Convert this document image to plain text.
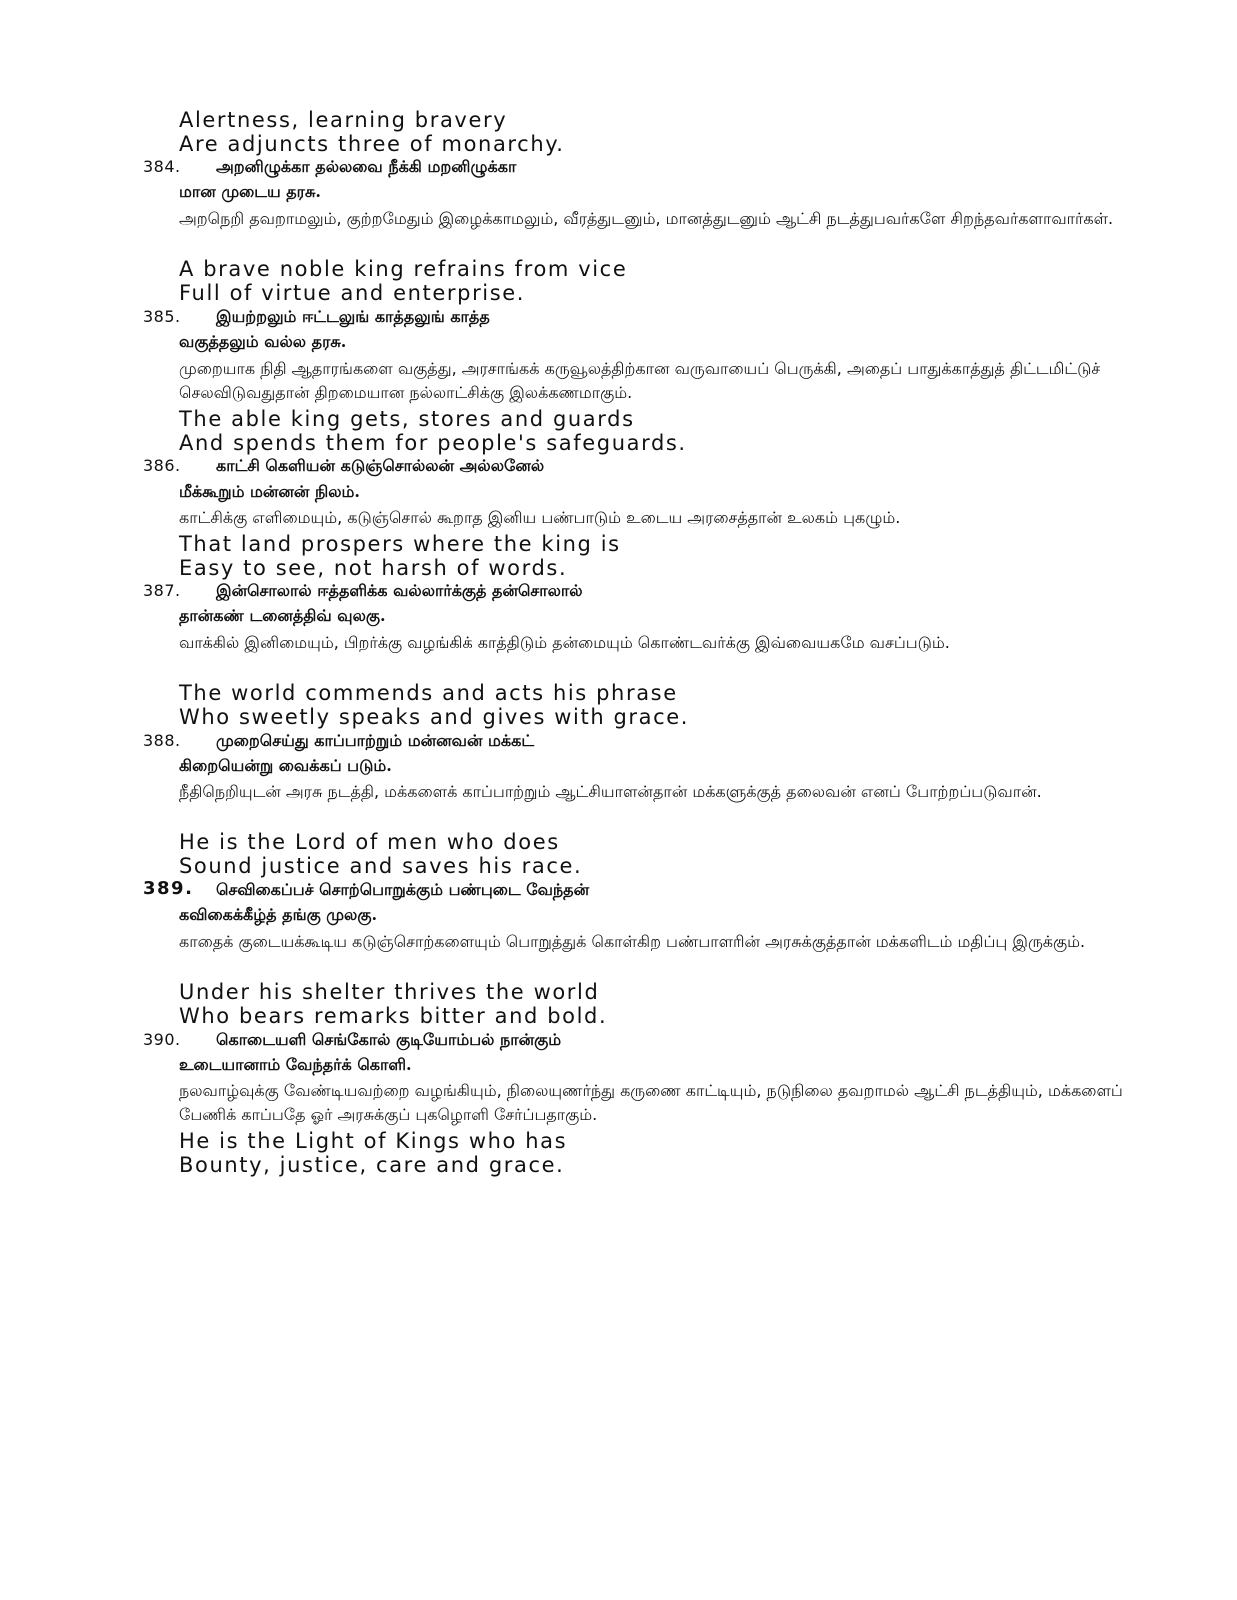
Alertness, learning bravery
Are adjuncts three of monarchy.
384. அறனிழுக்கா தல்லவை நீக்கி மறனிழுக்கா
மான முடைய தரசு.
அறநெறி தவறாமலும், குற்றமேதும் இழைக்காமலும், வீரத்துடனும், மானத்துடனும் ஆட்சி நடத்துபவர்களே சிறந்தவர்களாவார்கள்.
A brave noble king refrains from vice
Full of virtue and enterprise.
385. இயற்றலும் ஈட்டலுங் காத்தலுங் காத்த
வகுத்தலும் வல்ல தரசு.
முறையாக நிதி ஆதாரங்களை வகுத்து, அரசாங்கக் கருவூலத்திற்கான வருவாயைப் பெருக்கி, அதைப் பாதுக்காத்துத் திட்டமிட்டுச் செலவிடுவதுதான் திறமையான நல்லாட்சிக்கு இலக்கணமாகும்.
The able king gets, stores and guards
And spends them for people's safeguards.
386. காட்சி கெளியன் கடுஞ்சொல்லன் அல்லனேல்
மீக்கூறும் மன்னன் நிலம்.
காட்சிக்கு எளிமையும், கடுஞ்சொல் கூறாத இனிய பண்பாடும் உடைய அரசைத்தான் உலகம் புகழும்.
That land prospers where the king is
Easy to see, not harsh of words.
387. இன்சொலால் ஈத்தளிக்க வல்லார்க்குத் தன்சொலால்
தான்கண் டனைத்திவ் வுலகு.
வாக்கில் இனிமையும், பிறர்க்கு வழங்கிக் காத்திடும் தன்மையும் கொண்டவர்க்கு இவ்வையகமே வசப்படும்.
The world commends and acts his phrase
Who sweetly speaks and gives with grace.
388. முறைசெய்து காப்பாற்றும் மன்னவன் மக்கட்
கிறையென்று வைக்கப் படும்.
நீதிநெறியுடன் அரசு நடத்தி, மக்களைக் காப்பாற்றும் ஆட்சியாளன்தான் மக்களுக்குத் தலைவன் எனப் போற்றப்படுவான்.
He is the Lord of men who does
Sound justice and saves his race.
389. செவிகைப்பச் சொற்பொறுக்கும் பண்புடை வேந்தன்
கவிகைக்கீழ்த் தங்கு முலகு.
காதைக் குடையக்கூடிய கடுஞ்சொற்களையும் பொறுத்துக் கொள்கிற பண்பாளரின் அரசுக்குத்தான் மக்களிடம் மதிப்பு இருக்கும்.
Under his shelter thrives the world
Who bears remarks bitter and bold.
390. கொடையளி செங்கோல் குடியோம்பல் நான்கும்
உடையானாம் வேந்தர்க் கொளி.
நலவாழ்வுக்கு வேண்டியவற்றை வழங்கியும், நிலையுணர்ந்து கருணை காட்டியும், நடுநிலை தவறாமல் ஆட்சி நடத்தியும், மக்களைப் பேணிக் காப்பதே ஓர் அரசுக்குப் புகழொளி சேர்ப்பதாகும்.
He is the Light of Kings who has
Bounty, justice, care and grace.
